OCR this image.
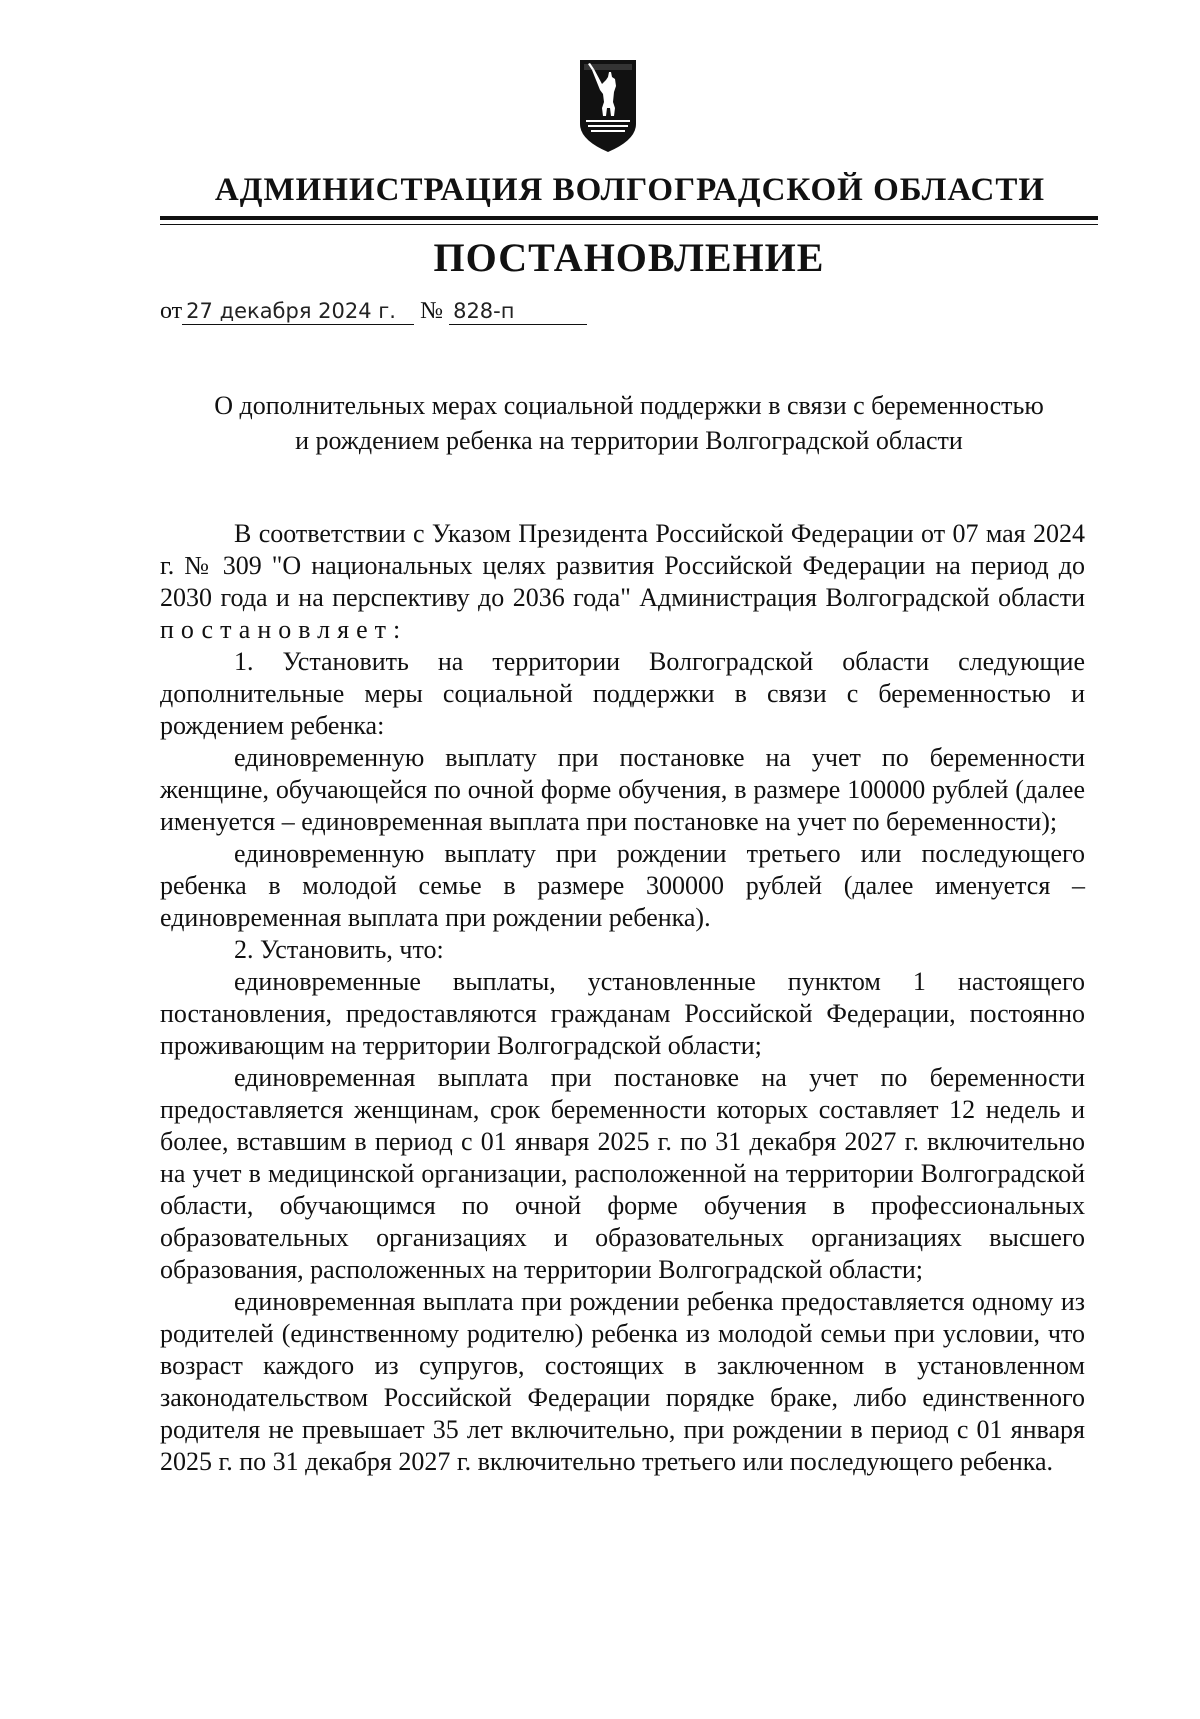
АДМИНИСТРАЦИЯ ВОЛГОГРАДСКОЙ ОБЛАСТИ
ПОСТАНОВЛЕНИЕ
от 27 декабря 2024 г.	№ 828-п
О дополнительных мерах социальной поддержки в связи с беременностью
и рождением ребенка на территории Волгоградской области

В соответствии с Указом Президента Российской Федерации от 07 мая 2024 г. № 309 "О национальных целях развития Российской Федерации на период до 2030 года и на перспективу до 2036 года" Администрация Волгоградской области постановляет:

1. Установить на территории Волгоградской области следующие дополнительные меры социальной поддержки в связи с беременностью и рождением ребенка:

единовременную выплату при постановке на учет по беременности женщине, обучающейся по очной форме обучения, в размере 100000 рублей (далее именуется – единовременная выплата при постановке на учет по беременности);

единовременную выплату при рождении третьего или последующего ребенка в молодой семье в размере 300000 рублей (далее именуется – единовременная выплата при рождении ребенка).

2. Установить, что:

единовременные выплаты, установленные пунктом 1 настоящего постановления, предоставляются гражданам Российской Федерации, постоянно проживающим на территории Волгоградской области;

единовременная выплата при постановке на учет по беременности предоставляется женщинам, срок беременности которых составляет 12 недель и более, вставшим в период с 01 января 2025 г. по 31 декабря 2027 г. включительно на учет в медицинской организации, расположенной на территории Волгоградской области, обучающимся по очной форме обучения в профессиональных образовательных организациях и образовательных организациях высшего образования, расположенных на территории Волгоградской области;

единовременная выплата при рождении ребенка предоставляется одному из родителей (единственному родителю) ребенка из молодой семьи при условии, что возраст каждого из супругов, состоящих в заключенном в установленном законодательством Российской Федерации порядке браке, либо единственного родителя не превышает 35 лет включительно, при рождении в период с 01 января 2025 г. по 31 декабря 2027 г. включительно третьего или последующего ребенка.
